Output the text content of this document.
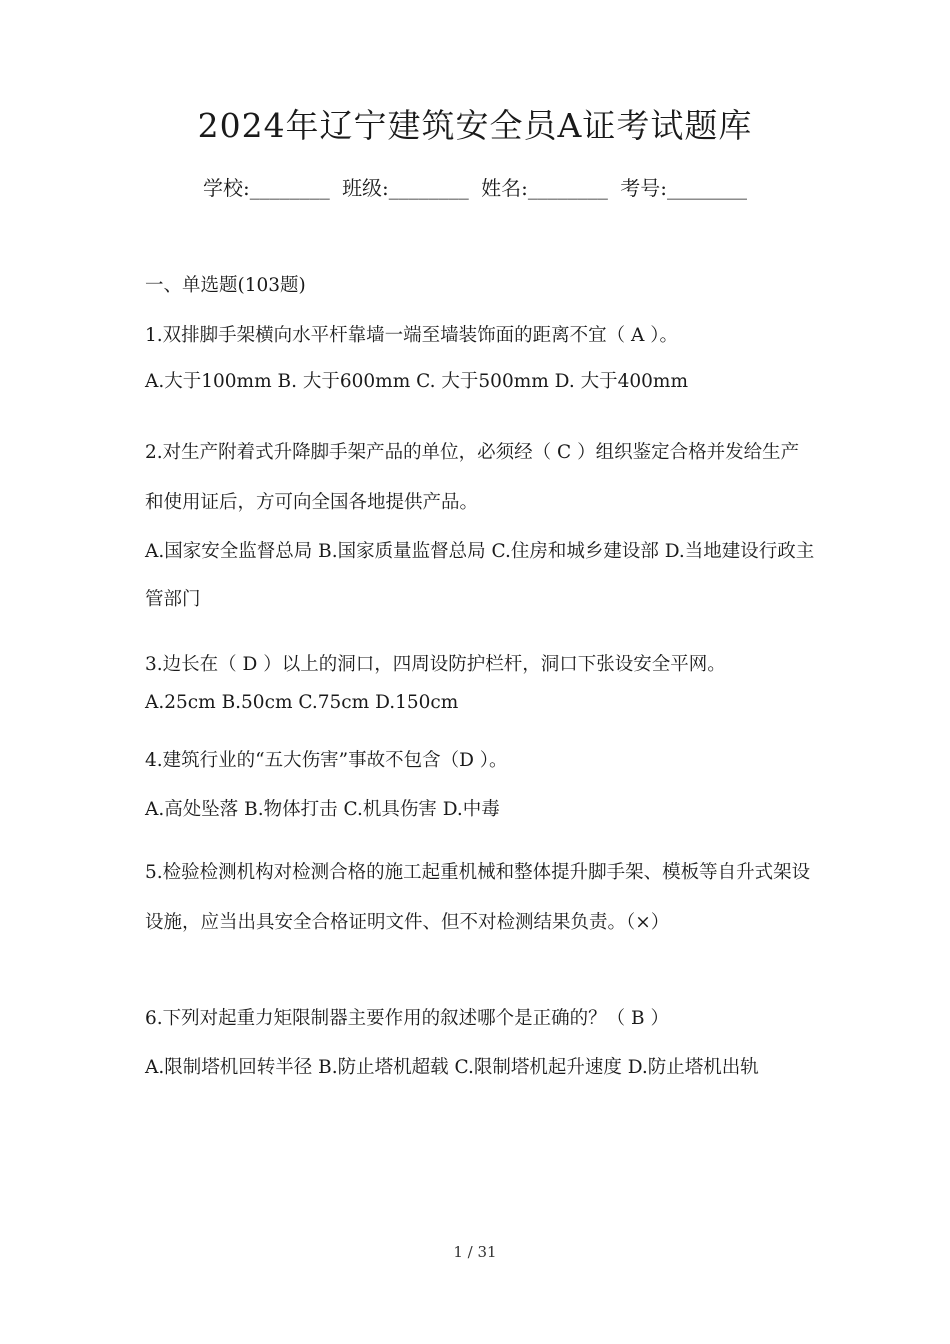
2024年辽宁建筑安全员A证考试题库
学校:________ 班级:________ 姓名:________ 考号:________
一、单选题(103题)

1.双排脚手架横向水平杆靠墙一端至墙装饰面的距离不宜（ A ）。

A.大于100mm B. 大于600mm C. 大于500mm D. 大于400mm

2.对生产附着式升降脚手架产品的单位，必须经（ C ）组织鉴定合格并发给生产和使用证后，方可向全国各地提供产品。

A.国家安全监督总局 B.国家质量监督总局 C.住房和城乡建设部 D.当地建设行政主管部门

3.边长在（ D ）以上的洞口，四周设防护栏杆，洞口下张设安全平网。

A.25cm B.50cm C.75cm D.150cm

4.建筑行业的“五大伤害”事故不包含（D ）。

A.高处坠落 B.物体打击 C.机具伤害 D.中毒

5.检验检测机构对检测合格的施工起重机械和整体提升脚手架、模板等自升式架设设施，应当出具安全合格证明文件、但不对检测结果负责。（×）

6.下列对起重力矩限制器主要作用的叙述哪个是正确的？（ B ）

A.限制塔机回转半径 B.防止塔机超载 C.限制塔机起升速度 D.防止塔机出轨

1 / 31
